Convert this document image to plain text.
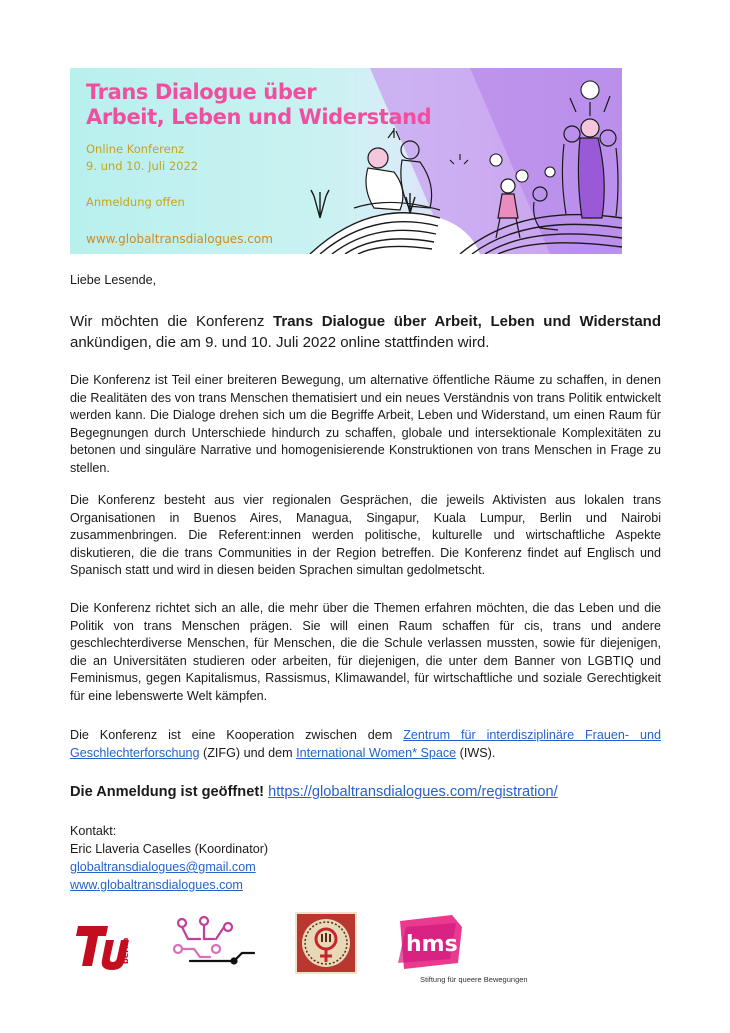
Trans Dialogue über
Arbeit, Leben und Widerstand
Online Konferenz
9. und 10. Juli 2022
Anmeldung offen
www.globaltransdialogues.com
Liebe Lesende,
Wir möchten die Konferenz Trans Dialogue über Arbeit, Leben und Widerstand ankündigen, die am 9. und 10. Juli 2022 online stattfinden wird.
Die Konferenz ist Teil einer breiteren Bewegung, um alternative öffentliche Räume zu schaffen, in denen die Realitäten des von trans Menschen thematisiert und ein neues Verständnis von trans Politik entwickelt werden kann. Die Dialoge drehen sich um die Begriffe Arbeit, Leben und Widerstand, um einen Raum für Begegnungen durch Unterschiede hindurch zu schaffen, globale und intersektionale Komplexitäten zu betonen und singuläre Narrative und homogenisierende Konstruktionen von trans Menschen in Frage zu stellen.
Die Konferenz besteht aus vier regionalen Gesprächen, die jeweils Aktivisten aus lokalen trans Organisationen in Buenos Aires, Managua, Singapur, Kuala Lumpur, Berlin und Nairobi zusammenbringen. Die Referent:innen werden politische, kulturelle und wirtschaftliche Aspekte diskutieren, die die trans Communities in der Region betreffen. Die Konferenz findet auf Englisch und Spanisch statt und wird in diesen beiden Sprachen simultan gedolmetscht.
Die Konferenz richtet sich an alle, die mehr über die Themen erfahren möchten, die das Leben und die Politik von trans Menschen prägen. Sie will einen Raum schaffen für cis, trans und andere geschlechterdiverse Menschen, für Menschen, die die Schule verlassen mussten, sowie für diejenigen, die an Universitäten studieren oder arbeiten, für diejenigen, die unter dem Banner von LGBTIQ und Feminismus, gegen Kapitalismus, Rassismus, Klimawandel, für wirtschaftliche und soziale Gerechtigkeit für eine lebenswerte Welt kämpfen.
Die Konferenz ist eine Kooperation zwischen dem Zentrum für interdisziplinäre Frauen- und Geschlechterforschung (ZIFG) und dem International Women* Space (IWS).
Die Anmeldung ist geöffnet! https://globaltransdialogues.com/registration/
Kontakt:
Eric Llaveria Caselles (Koordinator)
globaltransdialogues@gmail.com
www.globaltransdialogues.com
berlin	hms
Stiftung für queere Bewegungen
